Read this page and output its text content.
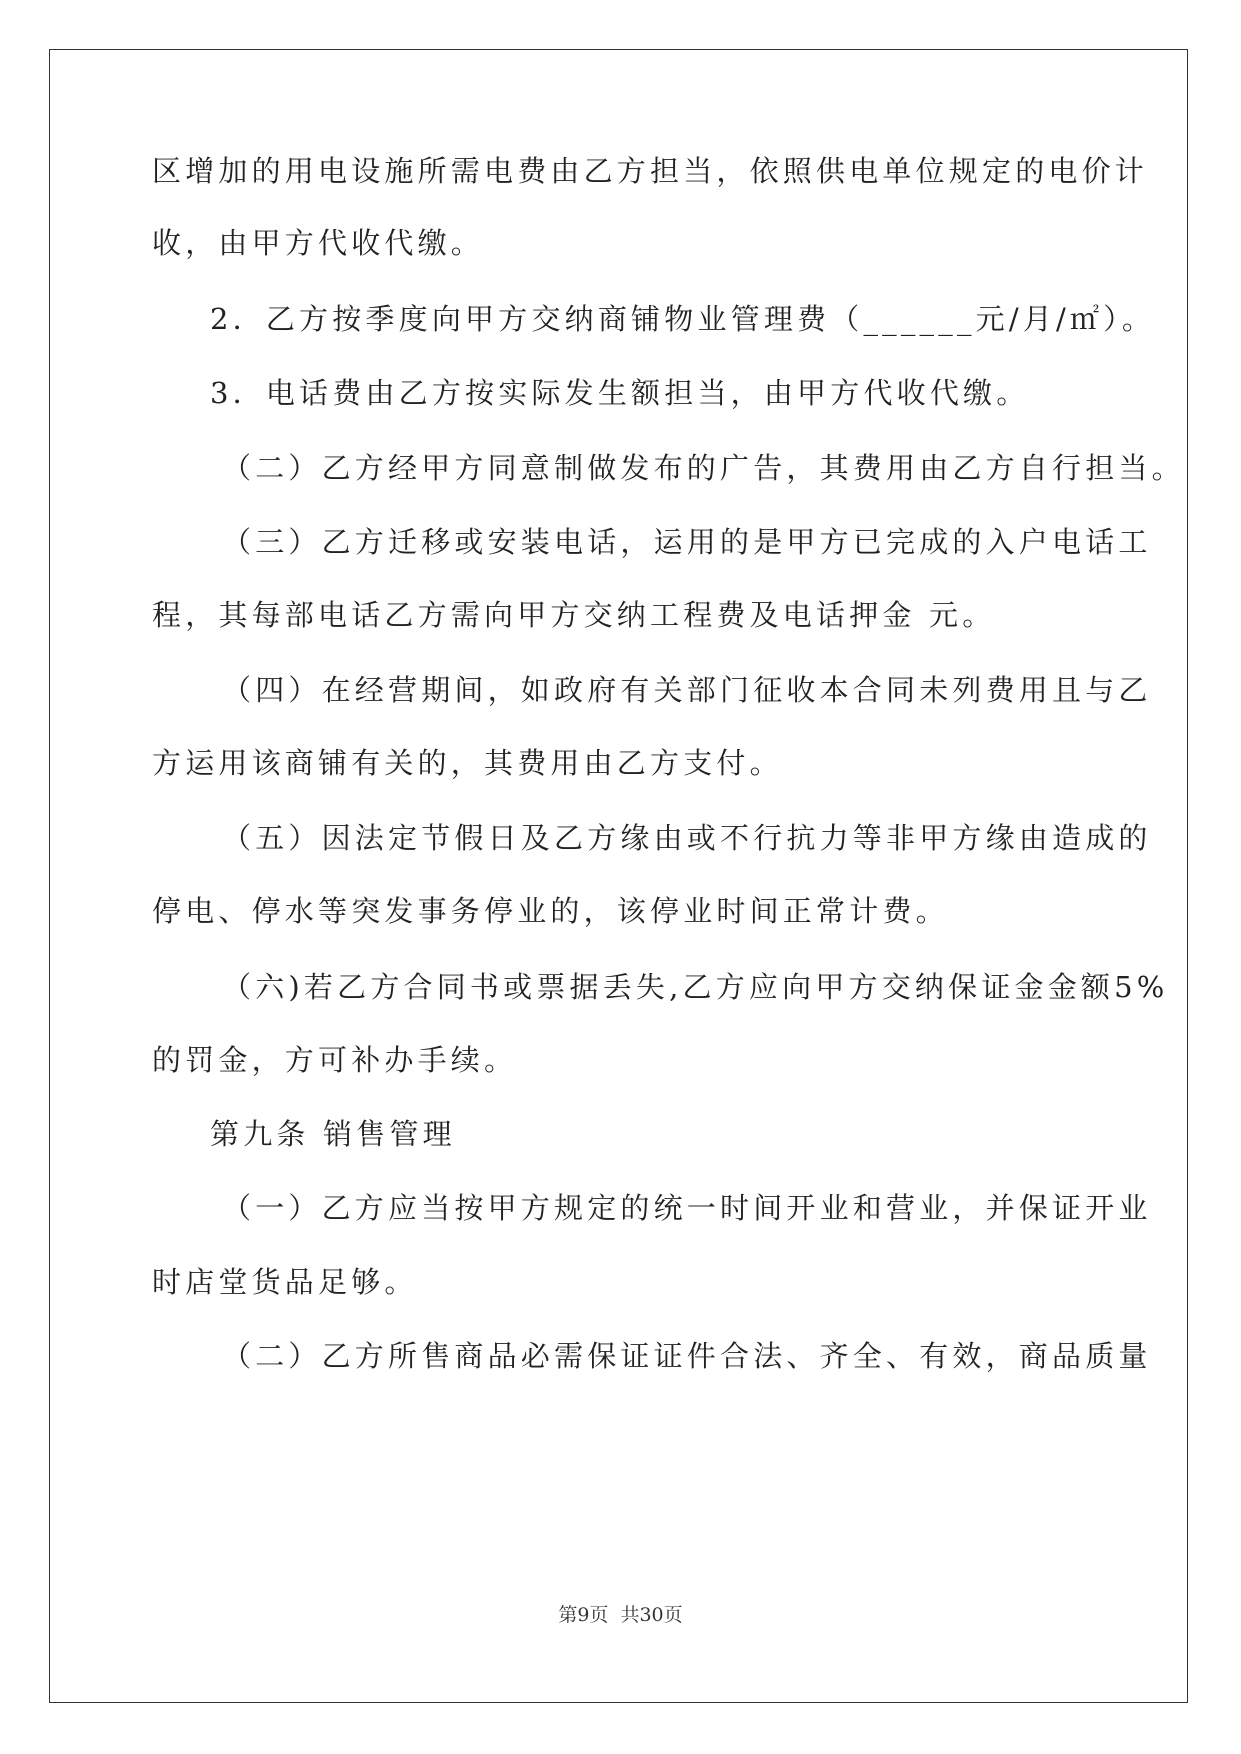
区增加的用电设施所需电费由乙方担当，依照供电单位规定的电价计
收，由甲方代收代缴。
2．乙方按季度向甲方交纳商铺物业管理费（______元/月/㎡）。
3．电话费由乙方按实际发生额担当，由甲方代收代缴。
（二）乙方经甲方同意制做发布的广告，其费用由乙方自行担当。
（三）乙方迁移或安装电话，运用的是甲方已完成的入户电话工
程，其每部电话乙方需向甲方交纳工程费及电话押金 元。
（四）在经营期间，如政府有关部门征收本合同未列费用且与乙
方运用该商铺有关的，其费用由乙方支付。
（五）因法定节假日及乙方缘由或不行抗力等非甲方缘由造成的
停电、停水等突发事务停业的，该停业时间正常计费。
（六)若乙方合同书或票据丢失,乙方应向甲方交纳保证金金额5%
的罚金，方可补办手续。
第九条 销售管理
（一）乙方应当按甲方规定的统一时间开业和营业，并保证开业
时店堂货品足够。
（二）乙方所售商品必需保证证件合法、齐全、有效，商品质量
第9页 共30页
